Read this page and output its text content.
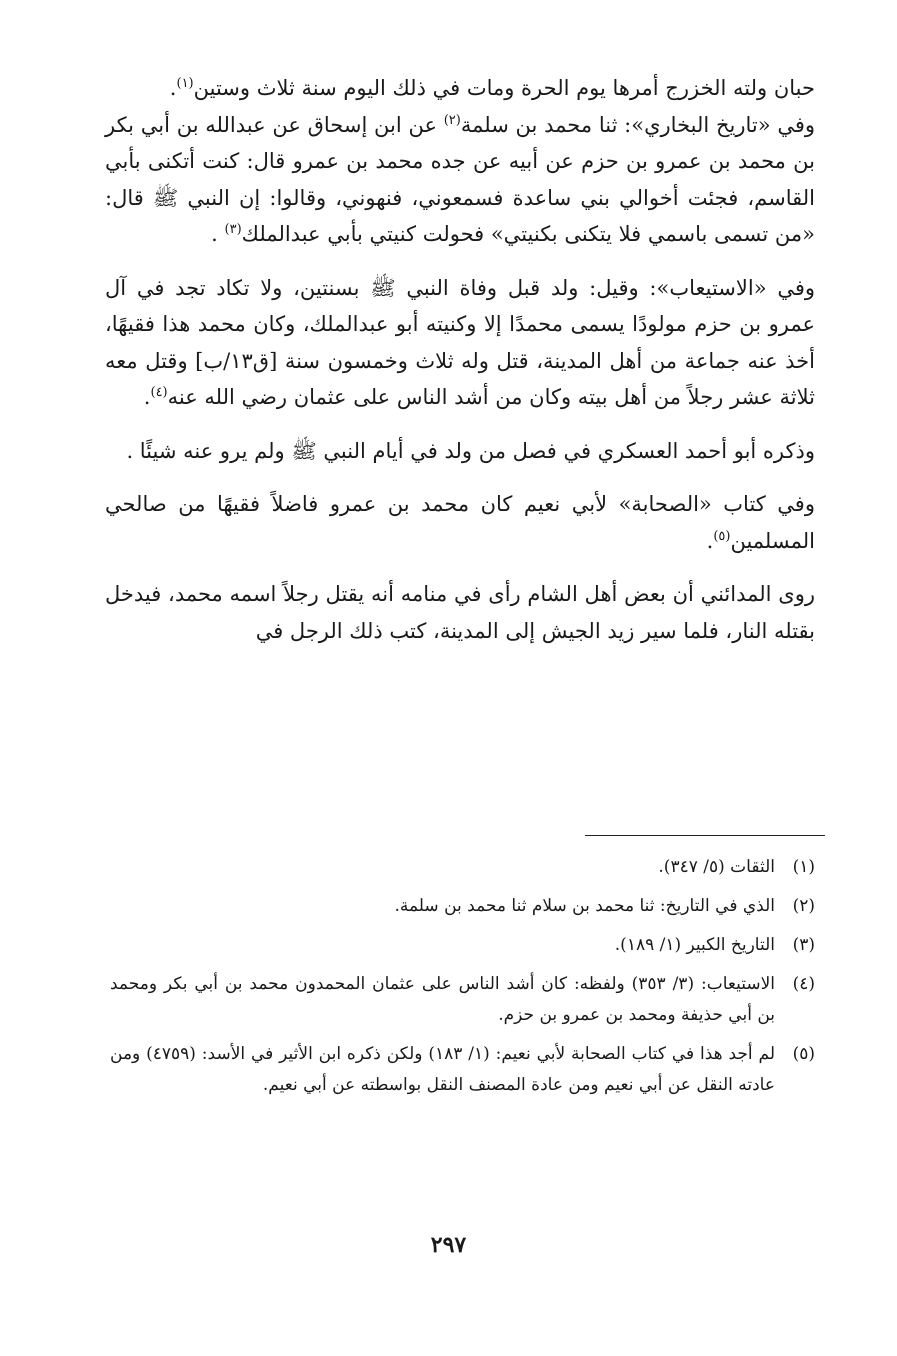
حبان ولته الخزرج أمرها يوم الحرة ومات في ذلك اليوم سنة ثلاث وستين$^{(١)}$.
وفي «تاريخ البخاري»: ثنا محمد بن سلمة$^{(٢)}$ عن ابن إسحاق عن عبدالله بن أبي بكر بن محمد بن عمرو بن حزم عن أبيه عن جده محمد بن عمرو قال: كنت أتكنى بأبي القاسم، فجئت أخوالي بني ساعدة فسمعوني، فنهوني، وقالوا: إن النبي ﷺ قال: «من تسمى باسمي فلا يتكنى بكنيتي» فحولت كنيتي بأبي عبدالملك$^{(٣)}$ .

وفي «الاستيعاب»: وقيل: ولد قبل وفاة النبي ﷺ بسنتين، ولا تكاد تجد في آل عمرو بن حزم مولودًا يسمى محمدًا إلا وكنيته أبو عبدالملك، وكان محمد هذا فقيهًا، أخذ عنه جماعة من أهل المدينة، قتل وله ثلاث وخمسون سنة [ق١٣/ب] وقتل معه ثلاثة عشر رجلاً من أهل بيته وكان من أشد الناس على عثمان رضي الله عنه$^{(٤)}$.

وذكره أبو أحمد العسكري في فصل من ولد في أيام النبي ﷺ ولم يرو عنه شيئًا .

وفي كتاب «الصحابة» لأبي نعيم كان محمد بن عمرو فاضلاً فقيهًا من صالحي المسلمين$^{(٥)}$.

روى المدائني أن بعض أهل الشام رأى في منامه أنه يقتل رجلاً اسمه محمد، فيدخل بقتله النار، فلما سير زيد الجيش إلى المدينة، كتب ذلك الرجل في

(١)
الثقات (٥/ ٣٤٧).
(٢)
الذي في التاريخ: ثنا محمد بن سلام ثنا محمد بن سلمة.
(٣)
التاريخ الكبير (١/ ١٨٩).
(٤)
الاستيعاب: (٣/ ٣٥٣) ولفظه: كان أشد الناس على عثمان المحمدون محمد بن أبي بكر ومحمد بن أبي حذيفة ومحمد بن عمرو بن حزم.
(٥)
لم أجد هذا في كتاب الصحابة لأبي نعيم: (١/ ١٨٣) ولكن ذكره ابن الأثير في الأسد: (٤٧٥٩) ومن عادته النقل عن أبي نعيم ومن عادة المصنف النقل بواسطته عن أبي نعيم.
٢٩٧
